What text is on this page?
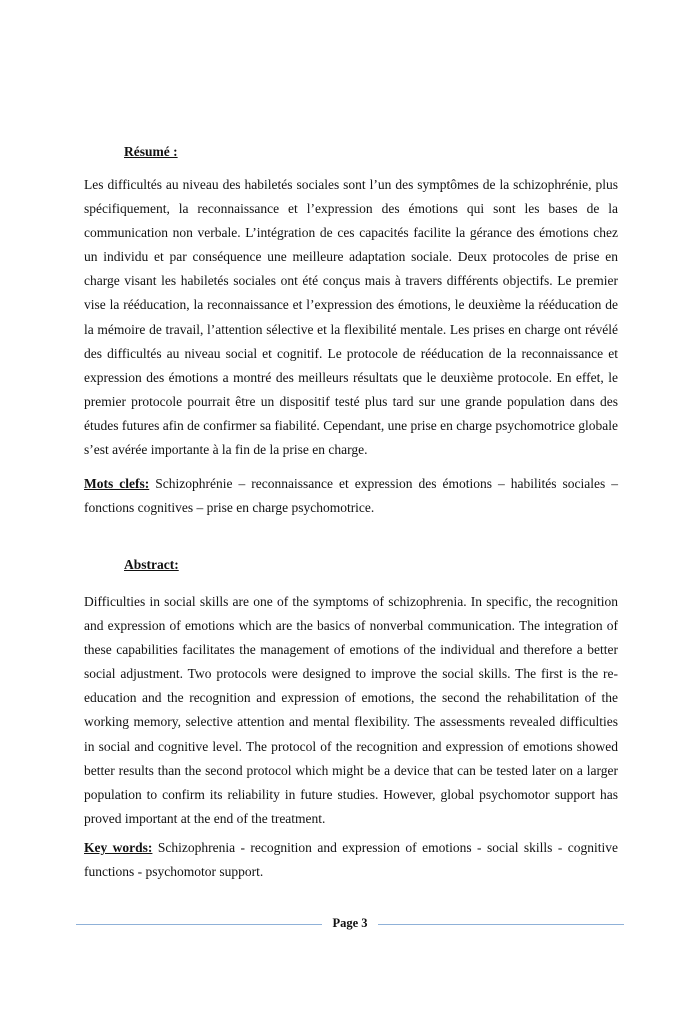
Résumé :

Les difficultés au niveau des habiletés sociales sont l’un des symptômes de la schizophrénie, plus spécifiquement, la reconnaissance et l’expression des émotions qui sont les bases de la communication non verbale. L’intégration de ces capacités facilite la gérance des émotions chez un individu et par conséquence une meilleure adaptation sociale. Deux protocoles de prise en charge visant les habiletés sociales ont été conçus mais à travers différents objectifs. Le premier vise la rééducation, la reconnaissance et l’expression des émotions, le deuxième la rééducation de la mémoire de travail, l’attention sélective et la flexibilité mentale. Les prises en charge ont révélé des difficultés au niveau social et cognitif. Le protocole de rééducation de la reconnaissance et expression des émotions a montré des meilleurs résultats que le deuxième protocole. En effet, le premier protocole pourrait être un dispositif testé plus tard sur une grande population dans des études futures afin de confirmer sa fiabilité. Cependant, une prise en charge psychomotrice globale s’est avérée importante à la fin de la prise en charge.

Mots clefs: Schizophrénie – reconnaissance et expression des émotions – habilités sociales – fonctions cognitives – prise en charge psychomotrice.

Abstract:

Difficulties in social skills are one of the symptoms of schizophrenia. In specific, the recognition and expression of emotions which are the basics of nonverbal communication. The integration of these capabilities facilitates the management of emotions of the individual and therefore a better social adjustment. Two protocols were designed to improve the social skills. The first is the re-education and the recognition and expression of emotions, the second the rehabilitation of the working memory, selective attention and mental flexibility. The assessments revealed difficulties in social and cognitive level. The protocol of the recognition and expression of emotions showed better results than the second protocol which might be a device that can be tested later on a larger population to confirm its reliability in future studies. However, global psychomotor support has proved important at the end of the treatment.

Key words: Schizophrenia - recognition and expression of emotions - social skills - cognitive functions - psychomotor support.

Page 3
